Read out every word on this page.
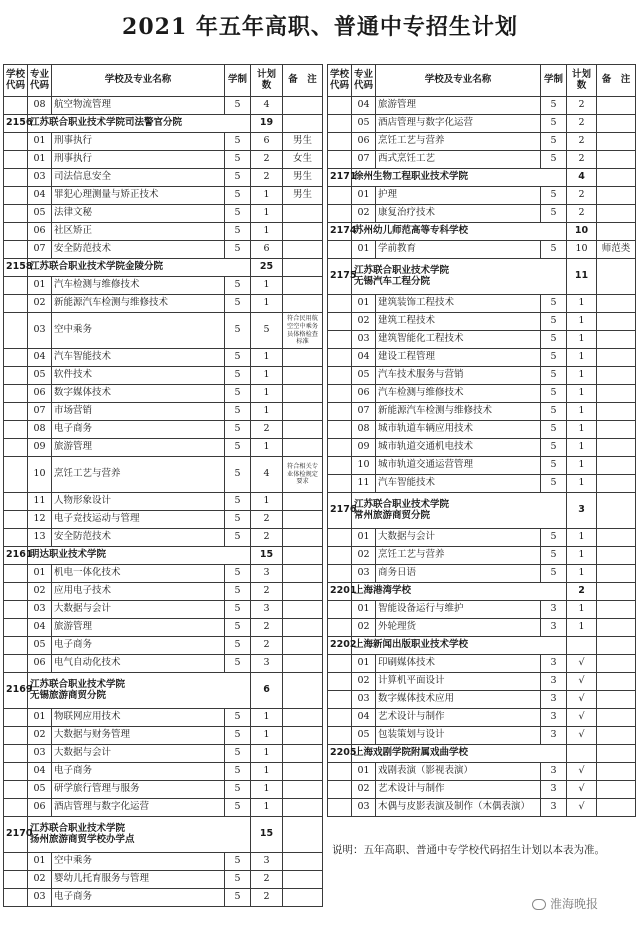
2021 年五年高职、普通中专招生计划
学校代码	专业代码	学校及专业名称	学制	计划数	备　注
	08	航空物流管理	5	4	
2156	江苏联合职业技术学院司法警官分院			19	
	01	刑事执行	5	6	男生
	01	刑事执行	5	2	女生
	03	司法信息安全	5	2	男生
	04	罪犯心理测量与矫正技术	5	1	男生
	05	法律文秘	5	1	
	06	社区矫正	5	1	
	07	安全防范技术	5	6	
2158	江苏联合职业技术学院金陵分院			25	
	01	汽车检测与维修技术	5	1	
	02	新能源汽车检测与维修技术	5	1	
	03	空中乘务	5	5	符合民用航空空中乘务员体格检查标准
	04	汽车智能技术	5	1	
	05	软件技术	5	1	
	06	数字媒体技术	5	1	
	07	市场营销	5	1	
	08	电子商务	5	2	
	09	旅游管理	5	1	
	10	烹饪工艺与营养	5	4	符合相关专业体检规定要求
	11	人物形象设计	5	1	
	12	电子竞技运动与管理	5	2	
	13	安全防范技术	5	2	
2161	明达职业技术学院			15	
	01	机电一体化技术	5	3	
	02	应用电子技术	5	2	
	03	大数据与会计	5	3	
	04	旅游管理	5	2	
	05	电子商务	5	2	
	06	电气自动化技术	5	3	
2169	江苏联合职业技术学院
无锡旅游商贸分院			6	
	01	物联网应用技术	5	1	
	02	大数据与财务管理	5	1	
	03	大数据与会计	5	1	
	04	电子商务	5	1	
	05	研学旅行管理与服务	5	1	
	06	酒店管理与数字化运营	5	1	
2170	江苏联合职业技术学院
扬州旅游商贸学校办学点			15	
	01	空中乘务	5	3	
	02	婴幼儿托育服务与管理	5	2	
	03	电子商务	5	2	
学校代码	专业代码	学校及专业名称	学制	计划数	备　注
	04	旅游管理	5	2	
	05	酒店管理与数字化运营	5	2	
	06	烹饪工艺与营养	5	2	
	07	西式烹饪工艺	5	2	
2171	徐州生物工程职业技术学院			4	
	01	护理	5	2	
	02	康复治疗技术	5	2	
2174	苏州幼儿师范高等专科学校			10	
	01	学前教育	5	10	师范类
2175	江苏联合职业技术学院
无锡汽车工程分院			11	
	01	建筑装饰工程技术	5	1	
	02	建筑工程技术	5	1	
	03	建筑智能化工程技术	5	1	
	04	建设工程管理	5	1	
	05	汽车技术服务与营销	5	1	
	06	汽车检测与维修技术	5	1	
	07	新能源汽车检测与维修技术	5	1	
	08	城市轨道车辆应用技术	5	1	
	09	城市轨道交通机电技术	5	1	
	10	城市轨道交通运营管理	5	1	
	11	汽车智能技术	5	1	
2176	江苏联合职业技术学院
常州旅游商贸分院			3	
	01	大数据与会计	5	1	
	02	烹饪工艺与营养	5	1	
	03	商务日语	5	1	
2201	上海港湾学校			2	
	01	智能设备运行与维护	3	1	
	02	外轮理货	3	1	
2202	上海新闻出版职业技术学校				
	01	印刷媒体技术	3	√	
	02	计算机平面设计	3	√	
	03	数字媒体技术应用	3	√	
	04	艺术设计与制作	3	√	
	05	包装策划与设计	3	√	
2205	上海戏剧学院附属戏曲学校				
	01	戏剧表演（影视表演）	3	√	
	02	艺术设计与制作	3	√	
	03	木偶与皮影表演及制作（木偶表演）	3	√	
说明：五年高职、普通中专学校代码招生计划以本表为准。
淮海晚报
